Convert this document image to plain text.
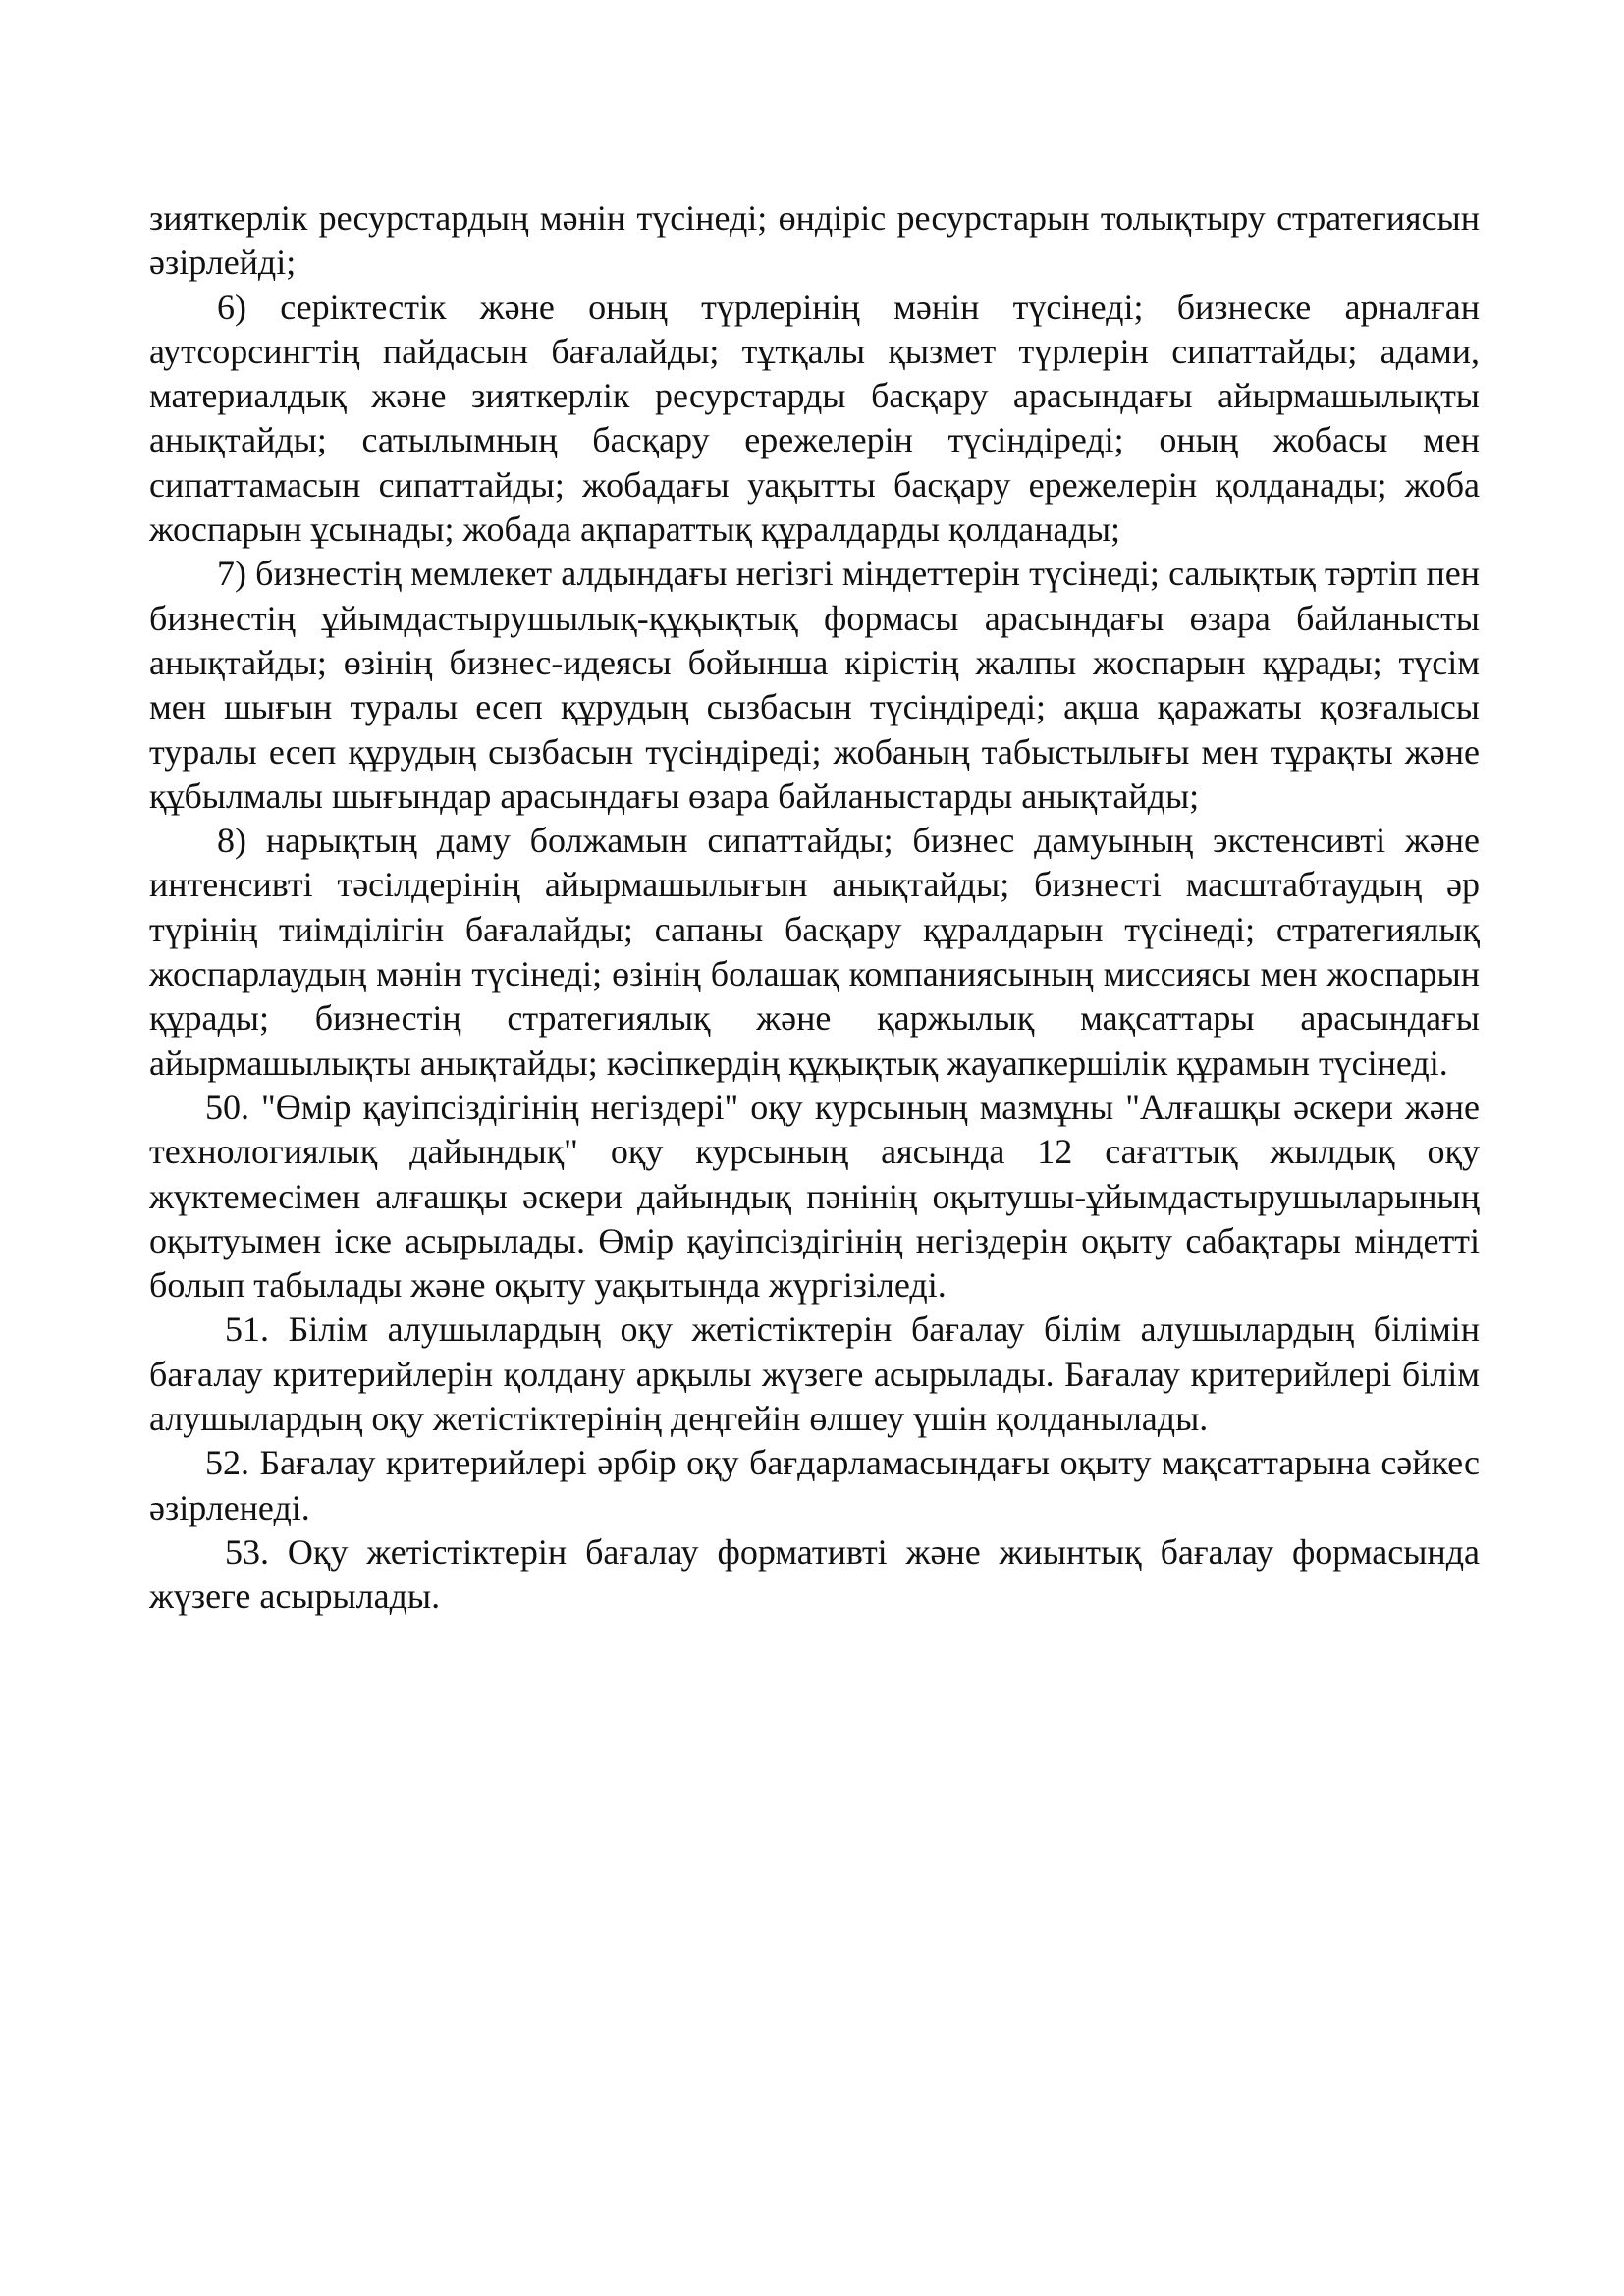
зияткерлік ресурстардың мәнін түсінеді; өндіріс ресурстарын толықтыру стратегиясын әзірлейді;

6) серіктестік және оның түрлерінің мәнін түсінеді; бизнеске арналған аутсорсингтің пайдасын бағалайды; тұтқалы қызмет түрлерін сипаттайды; адами, материалдық және зияткерлік ресурстарды басқару арасындағы айырмашылықты анықтайды; сатылымның басқару ережелерін түсіндіреді; оның жобасы мен сипаттамасын сипаттайды; жобадағы уақытты басқару ережелерін қолданады; жоба жоспарын ұсынады; жобада ақпараттық құралдарды қолданады;

7) бизнестің мемлекет алдындағы негізгі міндеттерін түсінеді; салықтық тәртіп пен бизнестің ұйымдастырушылық-құқықтық формасы арасындағы өзара байланысты анықтайды; өзінің бизнес-идеясы бойынша кірістің жалпы жоспарын құрады; түсім мен шығын туралы есеп құрудың сызбасын түсіндіреді; ақша қаражаты қозғалысы туралы есеп құрудың сызбасын түсіндіреді; жобаның табыстылығы мен тұрақты және құбылмалы шығындар арасындағы өзара байланыстарды анықтайды;

8) нарықтың даму болжамын сипаттайды; бизнес дамуының экстенсивті және интенсивті тәсілдерінің айырмашылығын анықтайды; бизнесті масштабтаудың әр түрінің тиімділігін бағалайды; сапаны басқару құралдарын түсінеді; стратегиялық жоспарлаудың мәнін түсінеді; өзінің болашақ компаниясының миссиясы мен жоспарын құрады; бизнестің стратегиялық және қаржылық мақсаттары арасындағы айырмашылықты анықтайды; кәсіпкердің құқықтық жауапкершілік құрамын түсінеді.

50. "Өмір қауіпсіздігінің негіздері" оқу курсының мазмұны "Алғашқы әскери және технологиялық дайындық" оқу курсының аясында 12 сағаттық жылдық оқу жүктемесімен алғашқы әскери дайындық пәнінің оқытушы-ұйымдастырушыларының оқытуымен іске асырылады. Өмір қауіпсіздігінің негіздерін оқыту сабақтары міндетті болып табылады және оқыту уақытында жүргізіледі.

51. Білім алушылардың оқу жетістіктерін бағалау білім алушылардың білімін бағалау критерийлерін қолдану арқылы жүзеге асырылады. Бағалау критерийлері білім алушылардың оқу жетістіктерінің деңгейін өлшеу үшін қолданылады.

52. Бағалау критерийлері әрбір оқу бағдарламасындағы оқыту мақсаттарына сәйкес әзірленеді.

53. Оқу жетістіктерін бағалау формативті және жиынтық бағалау формасында жүзеге асырылады.
